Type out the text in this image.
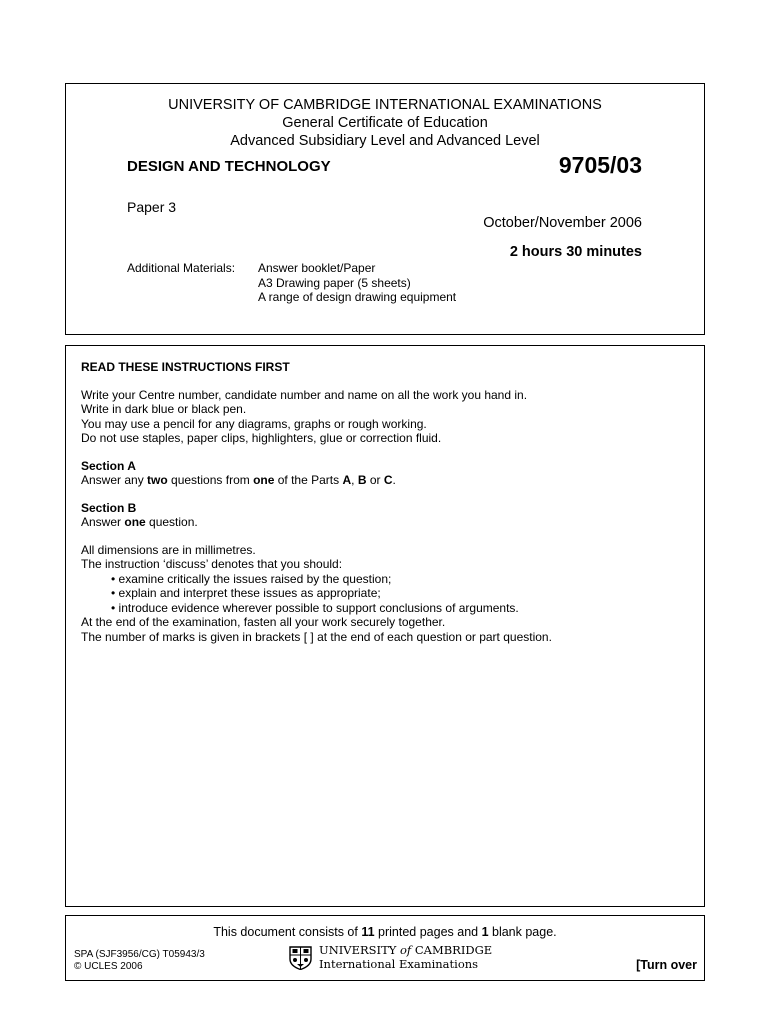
UNIVERSITY OF CAMBRIDGE INTERNATIONAL EXAMINATIONS
General Certificate of Education
Advanced Subsidiary Level and Advanced Level
DESIGN AND TECHNOLOGY	9705/03
Paper 3
October/November 2006
2 hours 30 minutes
Additional Materials: Answer booklet/Paper
A3 Drawing paper (5 sheets)
A range of design drawing equipment

READ THESE INSTRUCTIONS FIRST

Write your Centre number, candidate number and name on all the work you hand in.

Write in dark blue or black pen.

You may use a pencil for any diagrams, graphs or rough working.

Do not use staples, paper clips, highlighters, glue or correction fluid.

Section A

Answer any two questions from one of the Parts A, B or C.

Section B

Answer one question.

All dimensions are in millimetres.

The instruction ‘discuss’ denotes that you should:

• examine critically the issues raised by the question;

• explain and interpret these issues as appropriate;

• introduce evidence wherever possible to support conclusions of arguments.

At the end of the examination, fasten all your work securely together.

The number of marks is given in brackets [ ] at the end of each question or part question.

This document consists of 11 printed pages and 1 blank page.
SPA (SJF3956/CG) T05943/3
© UCLES 2006
UNIVERSITY of CAMBRIDGE
International Examinations	[Turn over
